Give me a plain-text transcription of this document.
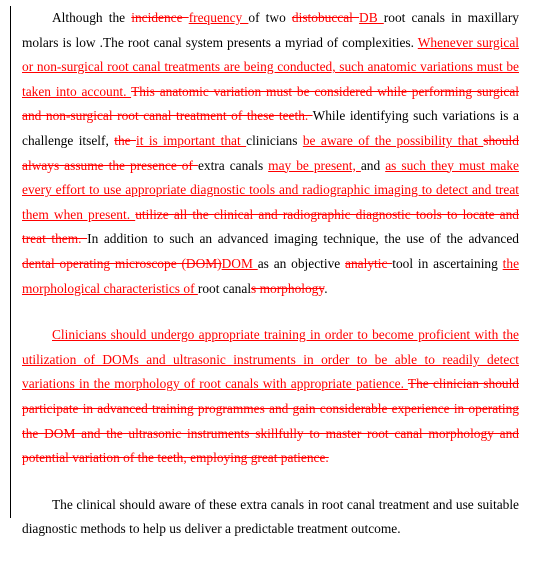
Although the incidence frequency of two distobuccal DB root canals in maxillary molars is low .The root canal system presents a myriad of complexities. Whenever surgical or non-surgical root canal treatments are being conducted, such anatomic variations must be taken into account. This anatomic variation must be considered while performing surgical and non-surgical root canal treatment of these teeth. While identifying such variations is a challenge itself, the it is important that clinicians be aware of the possibility that should always assume the presence of extra canals may be present, and as such they must make every effort to use appropriate diagnostic tools and radiographic imaging to detect and treat them when present. utilize all the clinical and radiographic diagnostic tools to locate and treat them. In addition to such an advanced imaging technique, the use of the advanced dental operating microscope (DOM)DOM as an objective analytic tool in ascertaining the morphological characteristics of root canals morphology.

Clinicians should undergo appropriate training in order to become proficient with the utilization of DOMs and ultrasonic instruments in order to be able to readily detect variations in the morphology of root canals with appropriate patience. The clinician should participate in advanced training programmes and gain considerable experience in operating the DOM and the ultrasonic instruments skillfully to master root canal morphology and potential variation of the teeth, employing great patience.

The clinical should aware of these extra canals in root canal treatment and use suitable diagnostic methods to help us deliver a predictable treatment outcome.
